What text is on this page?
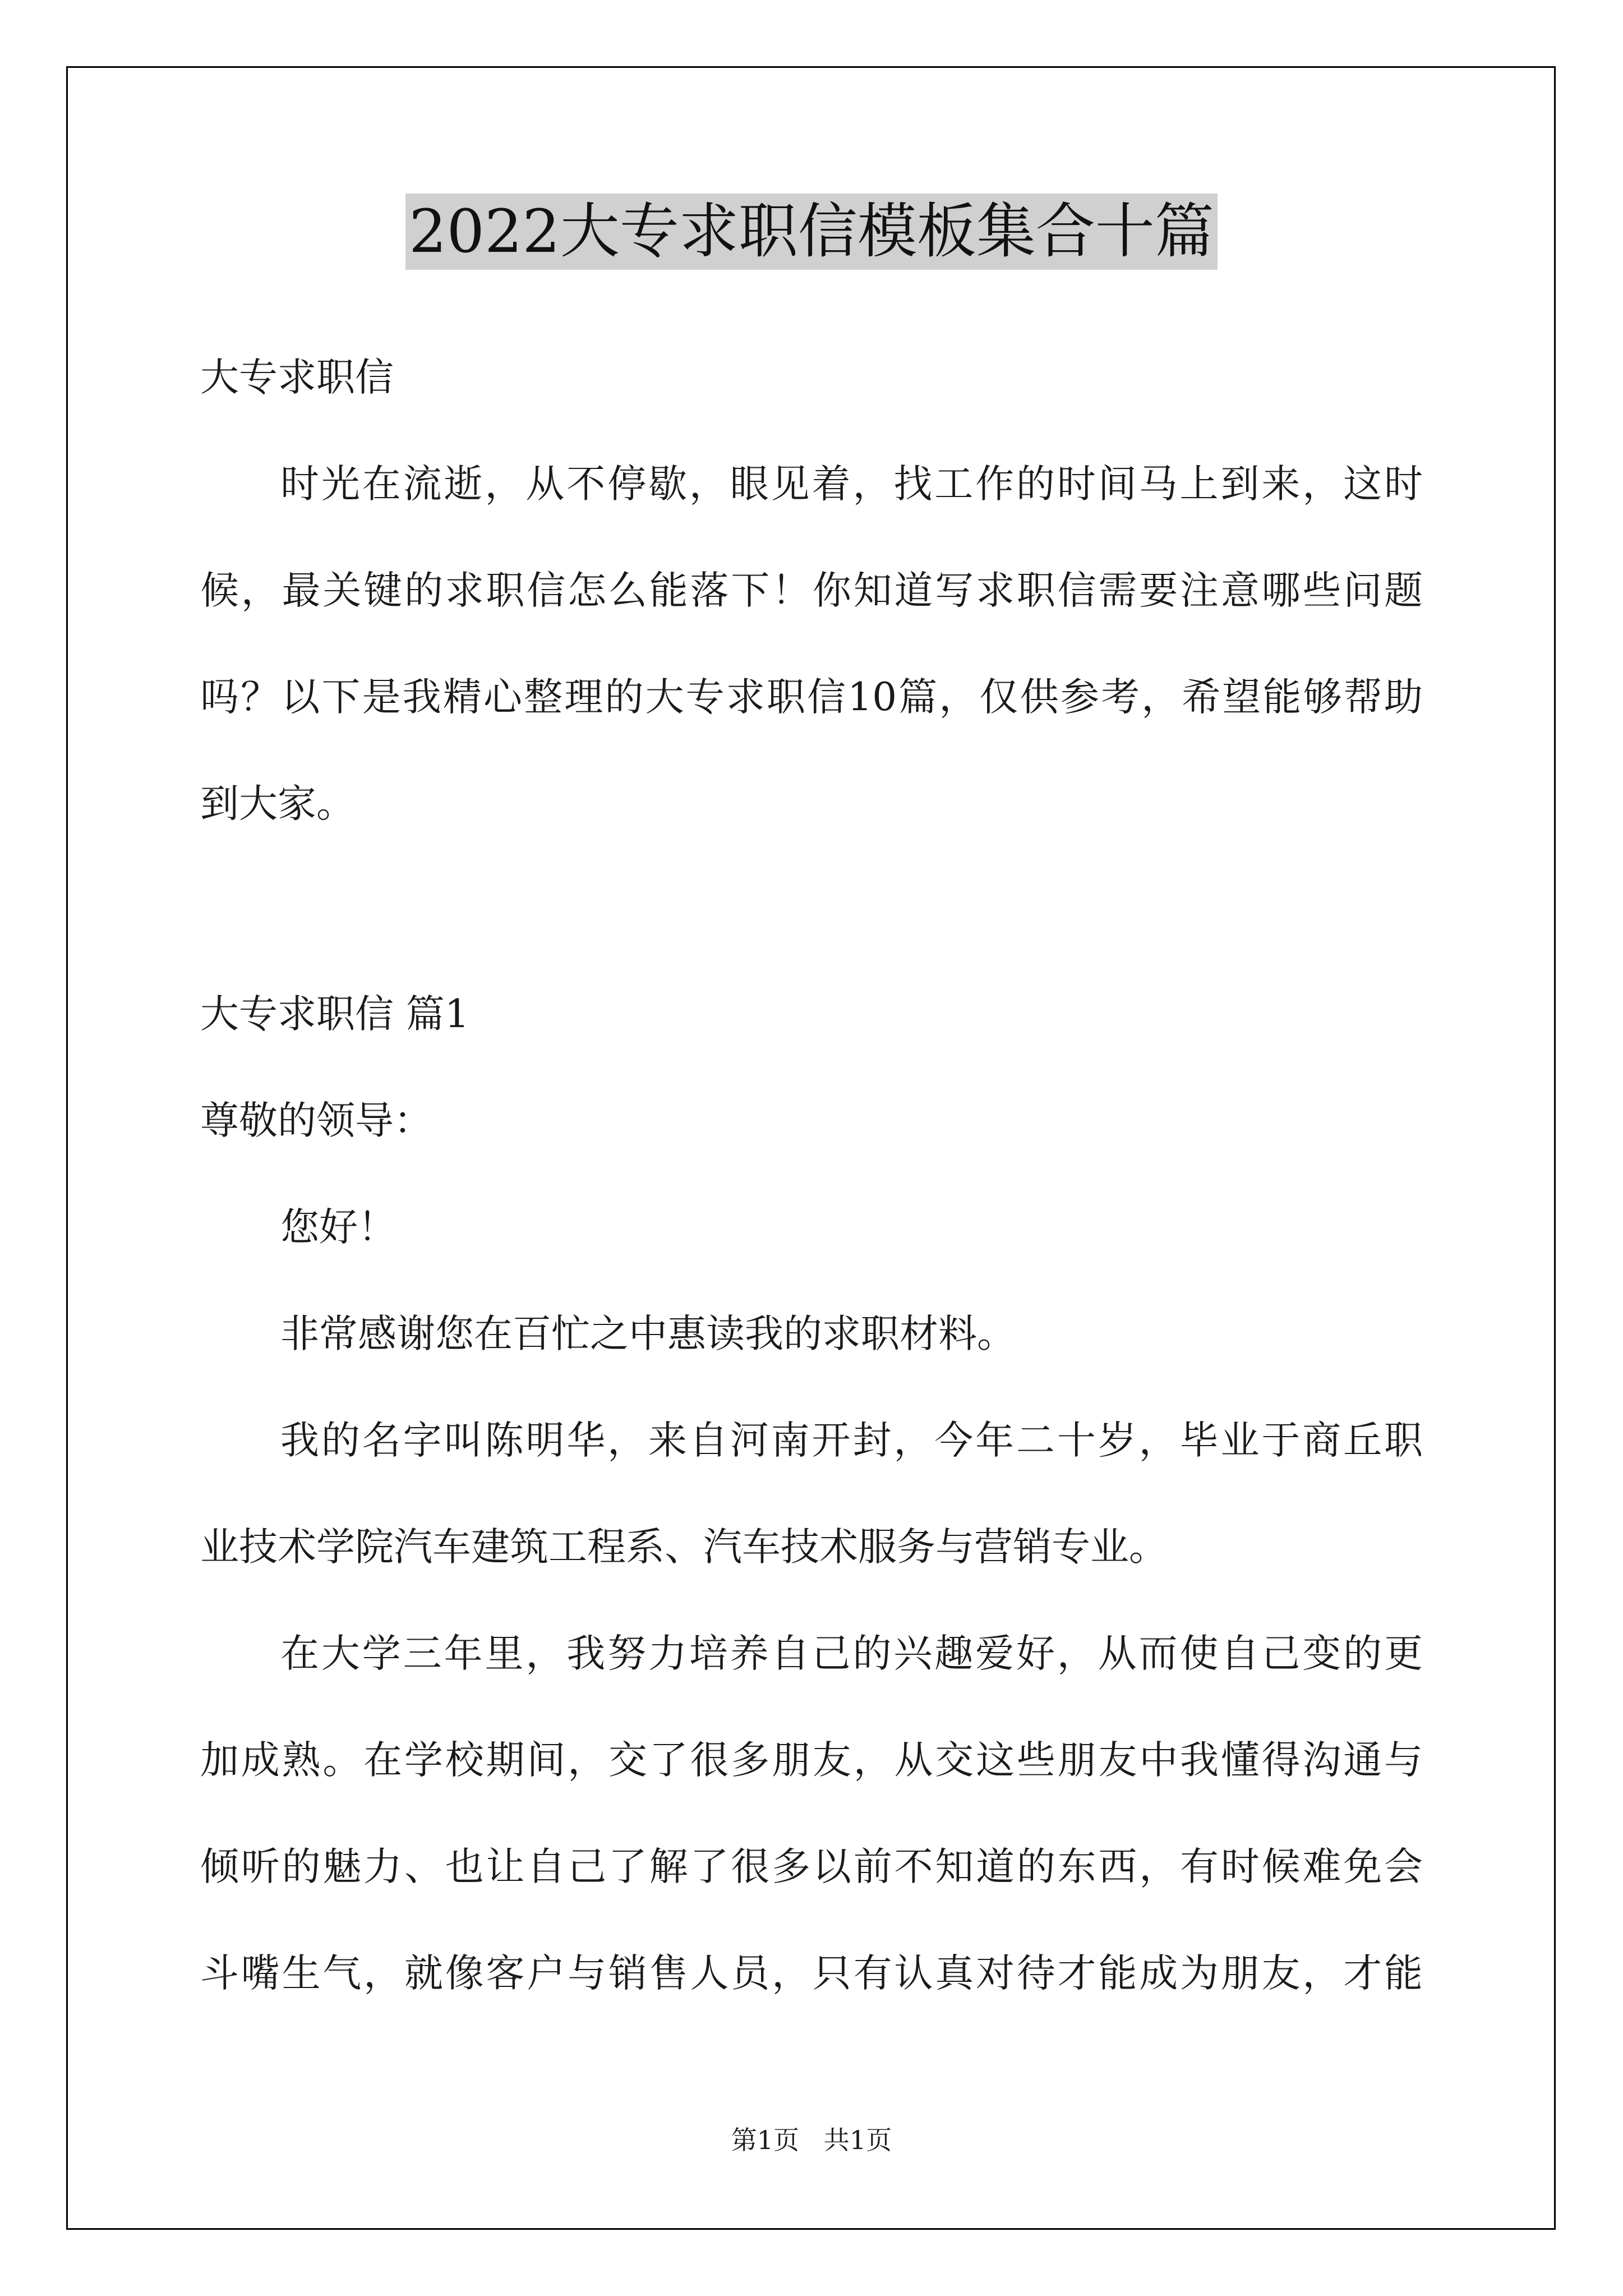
2022大专求职信模板集合十篇
大专求职信
时光在流逝，从不停歇，眼见着，找工作的时间马上到来，这时
候，最关键的求职信怎么能落下！你知道写求职信需要注意哪些问题
吗？以下是我精心整理的大专求职信10篇，仅供参考，希望能够帮助
到大家。
大专求职信 篇1
尊敬的领导：
您好！
非常感谢您在百忙之中惠读我的求职材料。
我的名字叫陈明华，来自河南开封，今年二十岁，毕业于商丘职
业技术学院汽车建筑工程系、汽车技术服务与营销专业。
在大学三年里，我努力培养自己的兴趣爱好，从而使自己变的更
加成熟。在学校期间，交了很多朋友，从交这些朋友中我懂得沟通与
倾听的魅力、也让自己了解了很多以前不知道的东西，有时候难免会
斗嘴生气，就像客户与销售人员，只有认真对待才能成为朋友，才能
第1页   共1页
